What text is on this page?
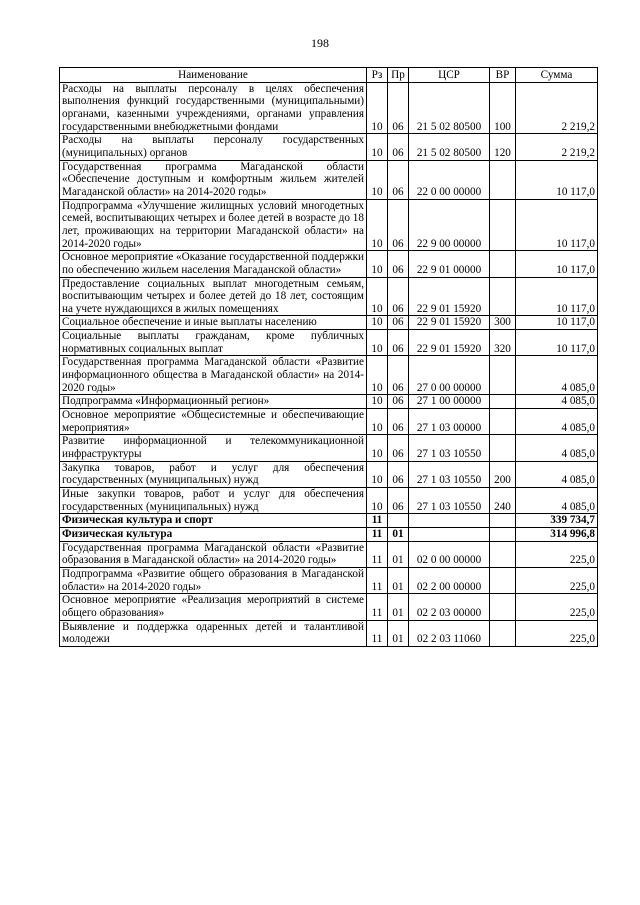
198
Наименование	Рз	Пр	ЦСР	ВР	Сумма
Расходы на выплаты персоналу в целях обеспечения выполнения функций государственными (муниципальными) органами, казенными учреждениями, органами управления государственными внебюджетными фондами	10	06	21 5 02 80500	100	2 219,2
Расходы на выплаты персоналу государственных (муниципальных) органов	10	06	21 5 02 80500	120	2 219,2
Государственная программа Магаданской области «Обеспечение доступным и комфортным жильем жителей Магаданской области» на 2014-2020 годы»	10	06	22 0 00 00000		10 117,0
Подпрограмма «Улучшение жилищных условий многодетных семей, воспитывающих четырех и более детей в возрасте до 18 лет, проживающих на территории Магаданской области» на 2014-2020 годы»	10	06	22 9 00 00000		10 117,0
Основное мероприятие «Оказание государственной поддержки по обеспечению жильем населения Магаданской области»	10	06	22 9 01 00000		10 117,0
Предоставление социальных выплат многодетным семьям, воспитывающим четырех и более детей до 18 лет, состоящим на учете нуждающихся в жилых помещениях	10	06	22 9 01 15920		10 117,0
Социальное обеспечение и иные выплаты населению	10	06	22 9 01 15920	300	10 117,0
Социальные выплаты гражданам, кроме публичных нормативных социальных выплат	10	06	22 9 01 15920	320	10 117,0
Государственная программа Магаданской области «Развитие информационного общества в Магаданской области» на 2014-2020 годы»	10	06	27 0 00 00000		4 085,0
Подпрограмма «Информационный регион»	10	06	27 1 00 00000		4 085,0
Основное мероприятие «Общесистемные и обеспечивающие мероприятия»	10	06	27 1 03 00000		4 085,0
Развитие информационной и телекоммуникационной инфраструктуры	10	06	27 1 03 10550		4 085,0
Закупка товаров, работ и услуг для обеспечения государственных (муниципальных) нужд	10	06	27 1 03 10550	200	4 085,0
Иные закупки товаров, работ и услуг для обеспечения государственных (муниципальных) нужд	10	06	27 1 03 10550	240	4 085,0
Физическая культура и спорт	11				339 734,7
Физическая культура	11	01			314 996,8
Государственная программа Магаданской области «Развитие образования в Магаданской области» на 2014-2020 годы»	11	01	02 0 00 00000		225,0
Подпрограмма «Развитие общего образования в Магаданской области» на 2014-2020 годы»	11	01	02 2 00 00000		225,0
Основное мероприятие «Реализация мероприятий в системе общего образования»	11	01	02 2 03 00000		225,0
Выявление и поддержка одаренных детей и талантливой молодежи	11	01	02 2 03 11060		225,0
